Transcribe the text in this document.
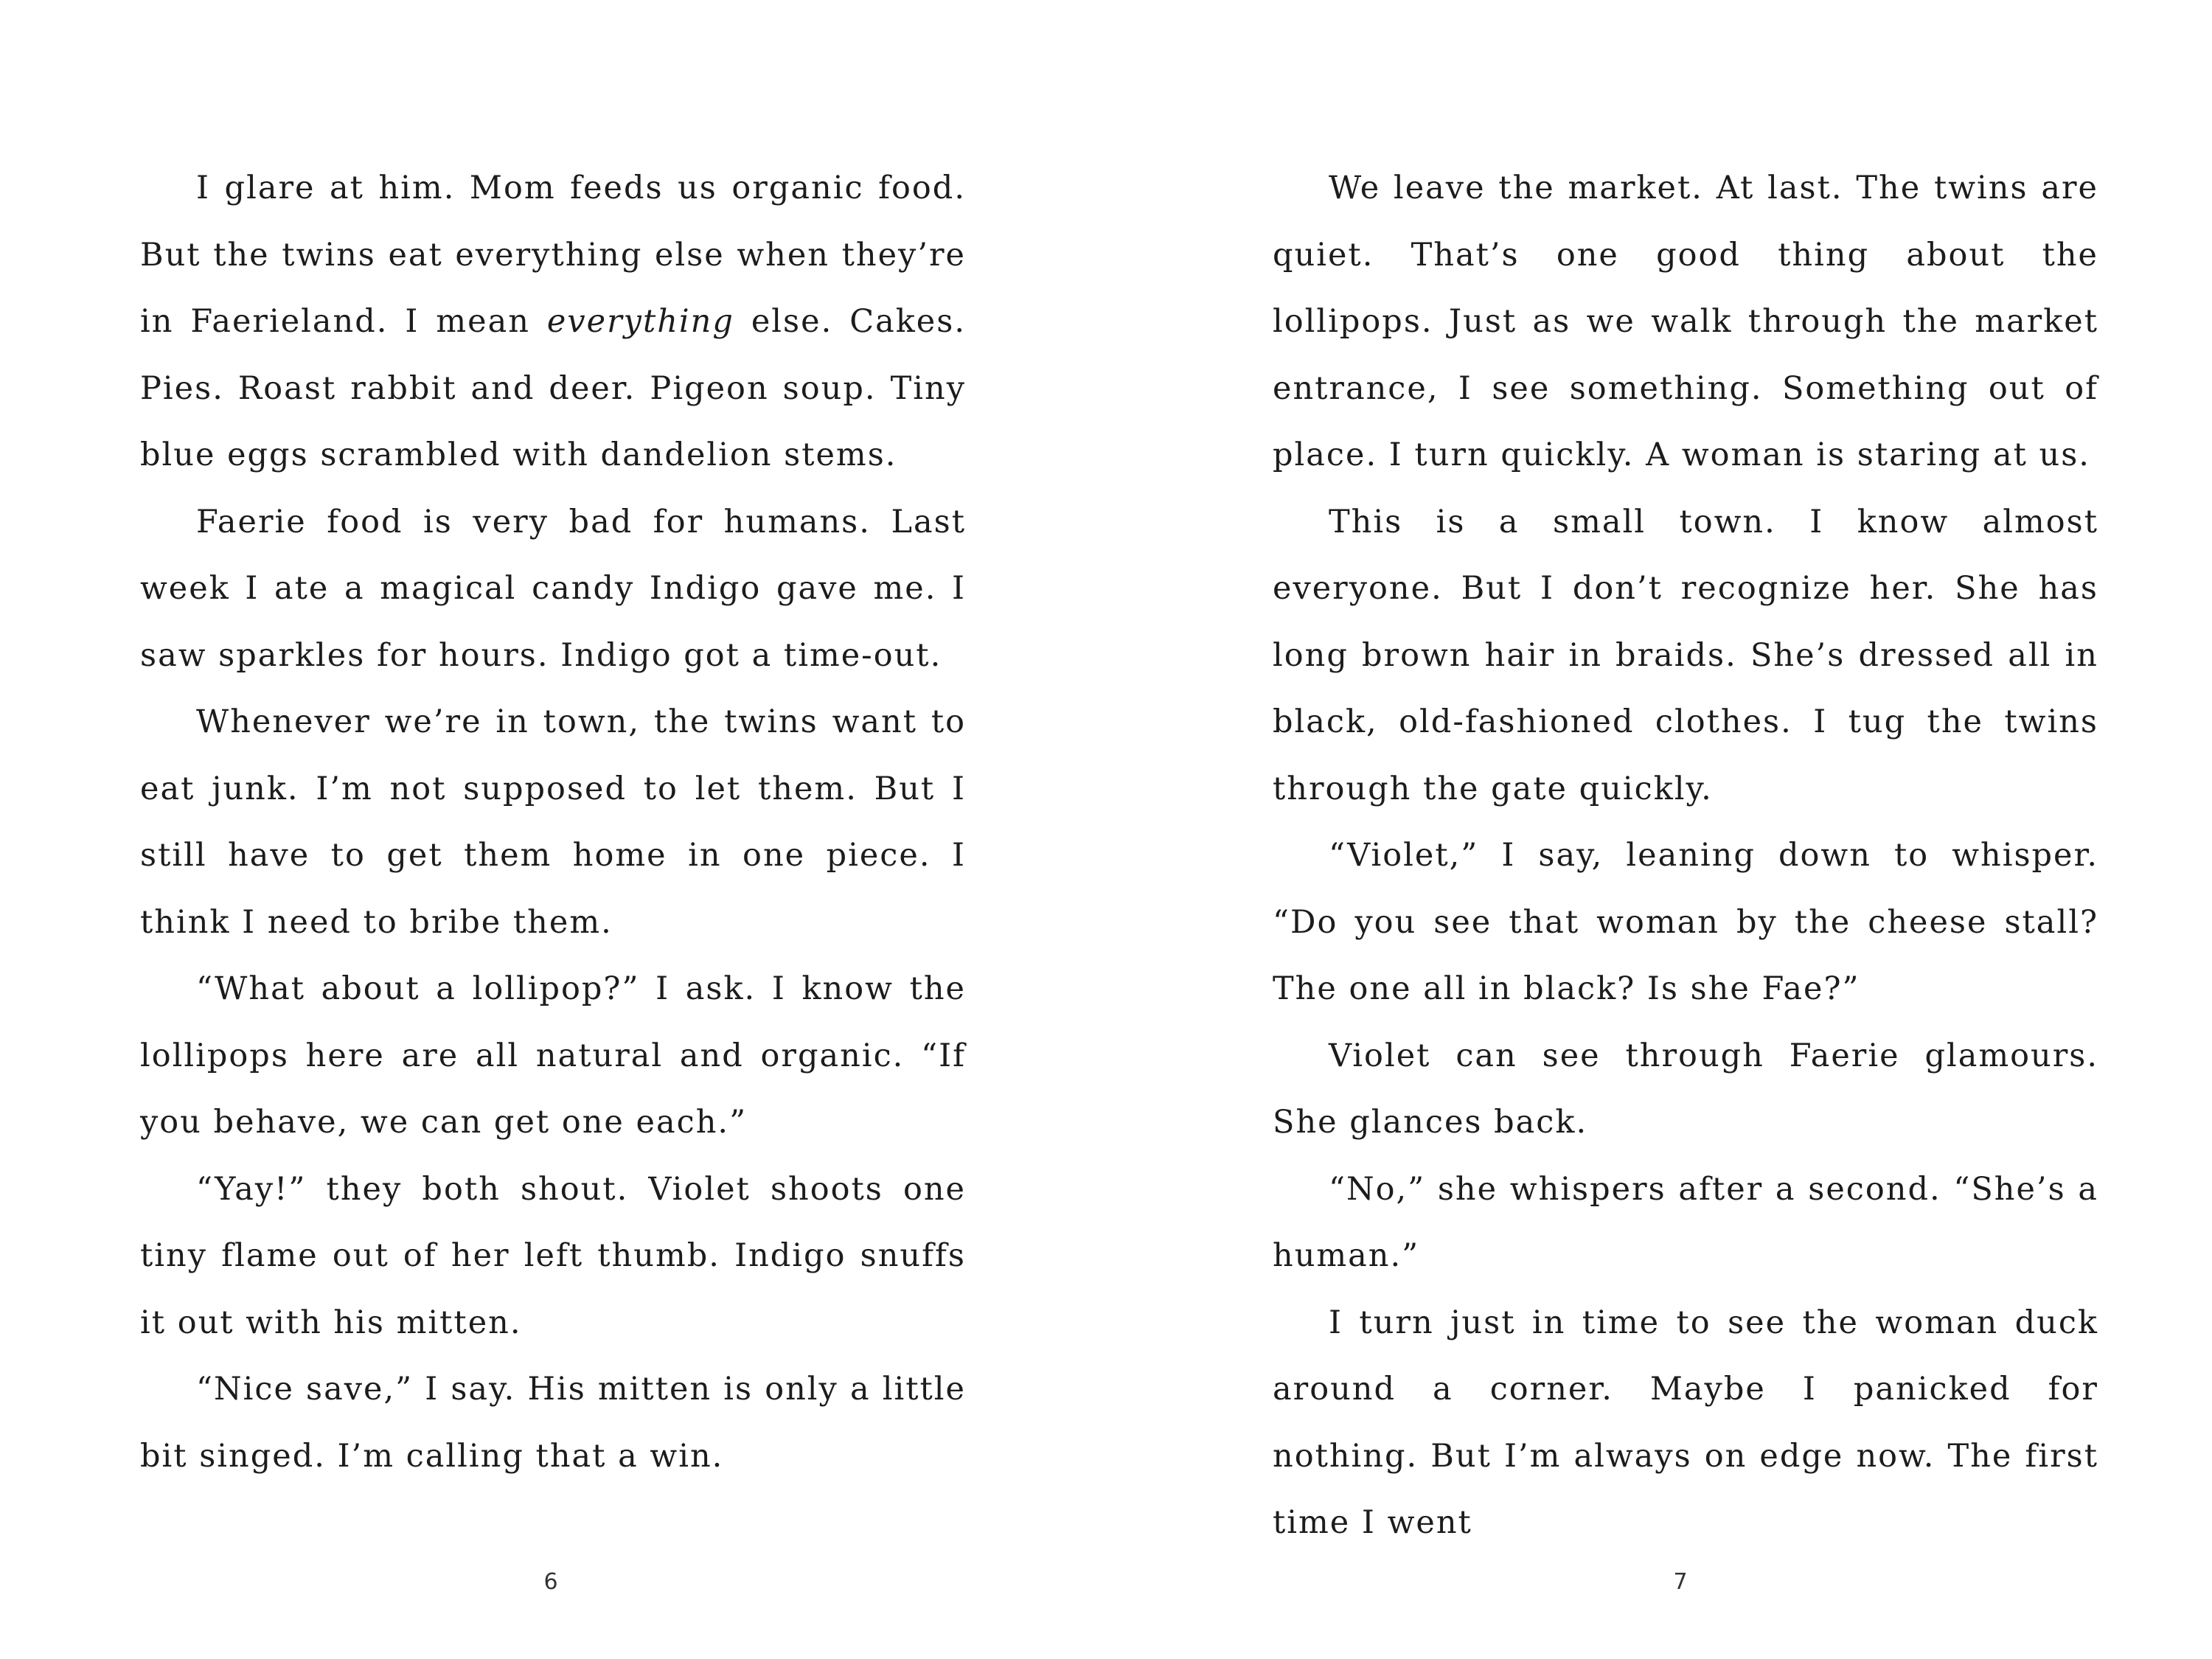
I glare at him. Mom feeds us organic food. But the twins eat everything else when they’re in Faerieland. I mean everything else. Cakes. Pies. Roast rabbit and deer. Pigeon soup. Tiny blue eggs scrambled with dandelion stems.

Faerie food is very bad for humans. Last week I ate a magical candy Indigo gave me. I saw sparkles for hours. Indigo got a time-out.

Whenever we’re in town, the twins want to eat junk. I’m not supposed to let them. But I still have to get them home in one piece. I think I need to bribe them.

“What about a lollipop?” I ask. I know the lollipops here are all natural and organic. “If you behave, we can get one each.”

“Yay!” they both shout. Violet shoots one tiny flame out of her left thumb. Indigo snuffs it out with his mitten.

“Nice save,” I say. His mitten is only a little bit singed. I’m calling that a win.

We leave the market. At last. The twins are quiet. That’s one good thing about the lollipops. Just as we walk through the market entrance, I see something. Something out of place. I turn quickly. A woman is staring at us.

This is a small town. I know almost everyone. But I don’t recognize her. She has long brown hair in braids. She’s dressed all in black, old-fashioned clothes. I tug the twins through the gate quickly.

“Violet,” I say, leaning down to whisper. “Do you see that woman by the cheese stall? The one all in black? Is she Fae?”

Violet can see through Faerie glamours. She glances back.

“No,” she whispers after a second. “She’s a human.”

I turn just in time to see the woman duck around a corner. Maybe I panicked for nothing. But I’m always on edge now. The first time I went

6	7
